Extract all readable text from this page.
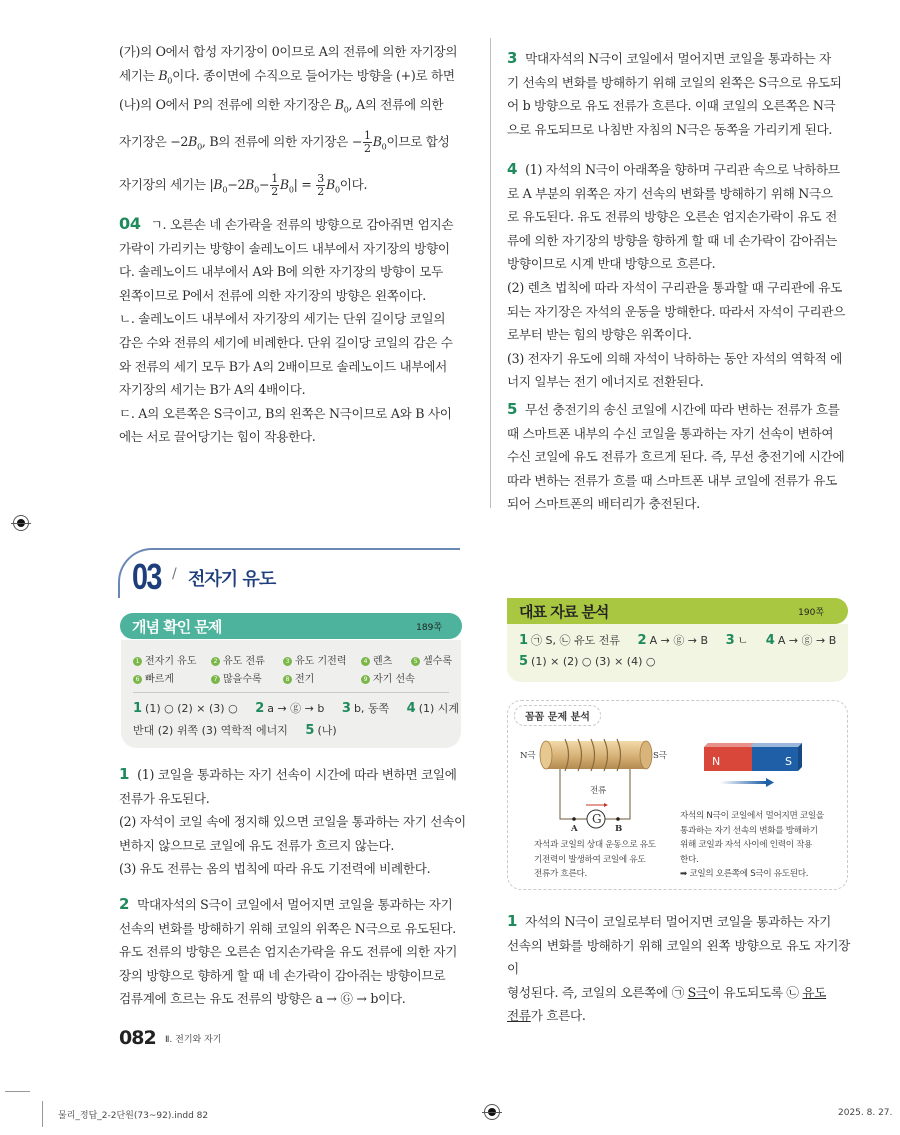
(가)의 O에서 합성 자기장이 0이므로 A의 전류에 의한 자기장의
세기는 $B_0$이다. 종이면에 수직으로 들어가는 방향을 (+)로 하면
(나)의 O에서 P의 전류에 의한 자기장은 $B_0$, A의 전류에 의한
자기장은 $-2B_0$, B의 전류에 의한 자기장은 − $\frac{1}{2} B_0$이므로 합성
자기장의 세기는 $|B_0-2B_0- \frac{1}{2} B_0| = \frac{3}{2} B_0$이다.
04 ㄱ. 오른손 네 손가락을 전류의 방향으로 감아쥐면 엄지손
가락이 가리키는 방향이 솔레노이드 내부에서 자기장의 방향이
다. 솔레노이드 내부에서 A와 B에 의한 자기장의 방향이 모두
왼쪽이므로 P에서 전류에 의한 자기장의 방향은 왼쪽이다.
ㄴ. 솔레노이드 내부에서 자기장의 세기는 단위 길이당 코일의
감은 수와 전류의 세기에 비례한다. 단위 길이당 코일의 감은 수
와 전류의 세기 모두 B가 A의 2배이므로 솔레노이드 내부에서
자기장의 세기는 B가 A의 4배이다.
ㄷ. A의 오른쪽은 S극이고, B의 왼쪽은 N극이므로 A와 B 사이
에는 서로 끌어당기는 힘이 작용한다.
3 막대자석의 N극이 코일에서 멀어지면 코일을 통과하는 자
기 선속의 변화를 방해하기 위해 코일의 왼쪽은 S극으로 유도되
어 b 방향으로 유도 전류가 흐른다. 이때 코일의 오른쪽은 N극
으로 유도되므로 나침반 자침의 N극은 동쪽을 가리키게 된다.
4 (1) 자석의 N극이 아래쪽을 향하며 구리관 속으로 낙하하므
로 A 부분의 위쪽은 자기 선속의 변화를 방해하기 위해 N극으
로 유도된다. 유도 전류의 방향은 오른손 엄지손가락이 유도 전
류에 의한 자기장의 방향을 향하게 할 때 네 손가락이 감아쥐는
방향이므로 시계 반대 방향으로 흐른다.
(2) 렌츠 법칙에 따라 자석이 구리관을 통과할 때 구리관에 유도
되는 자기장은 자석의 운동을 방해한다. 따라서 자석이 구리관으
로부터 받는 힘의 방향은 위쪽이다.
(3) 전자기 유도에 의해 자석이 낙하하는 동안 자석의 역학적 에
너지 일부는 전기 에너지로 전환된다.
5 무선 충전기의 송신 코일에 시간에 따라 변하는 전류가 흐를
때 스마트폰 내부의 수신 코일을 통과하는 자기 선속이 변하여
수신 코일에 유도 전류가 흐르게 된다. 즉, 무선 충전기에 시간에
따라 변하는 전류가 흐를 때 스마트폰 내부 코일에 전류가 유도
되어 스마트폰의 배터리가 충전된다.
03 / 전자기 유도
개념 확인 문제	189쪽
1 전자기 유도	2 유도 전류	3 유도 기전력	4 렌츠	5 셀수록
6 빠르게	7 많을수록	8 전기	9 자기 선속
1 (1) ○ (2) × (3) ○ 2 a → ⓖ → b 3 b, 동쪽 4 (1) 시계
반대 (2) 위쪽 (3) 역학적 에너지 5 (나)
1 (1) 코일을 통과하는 자기 선속이 시간에 따라 변하면 코일에
전류가 유도된다.
(2) 자석이 코일 속에 정지해 있으면 코일을 통과하는 자기 선속이
변하지 않으므로 코일에 유도 전류가 흐르지 않는다.
(3) 유도 전류는 옴의 법칙에 따라 유도 기전력에 비례한다.
2 막대자석의 S극이 코일에서 멀어지면 코일을 통과하는 자기
선속의 변화를 방해하기 위해 코일의 위쪽은 N극으로 유도된다.
유도 전류의 방향은 오른손 엄지손가락을 유도 전류에 의한 자기
장의 방향으로 향하게 할 때 네 손가락이 감아쥐는 방향이므로
검류계에 흐르는 유도 전류의 방향은 a → Ⓖ → b이다.
대표 자료 분석	190쪽
1 ㉠ S, ㉡ 유도 전류 2 A → ⓖ → B 3 ㄴ 4 A → ⓖ → B
5 (1) × (2) ○ (3) × (4) ○
꼼꼼 문제 분석
N극	S극
전류
G
A	B
자석과 코일의 상대 운동으로 유도
기전력이 발생하여 코일에 유도
전류가 흐른다.
N	S
자석의 N극이 코일에서 멀어지면 코일을
통과하는 자기 선속의 변화를 방해하기
위해 코일과 자석 사이에 인력이 작용
한다.
➡ 코일의 오른쪽에 S극이 유도된다.
1 자석의 N극이 코일로부터 멀어지면 코일을 통과하는 자기
선속의 변화를 방해하기 위해 코일의 왼쪽 방향으로 유도 자기장이
형성된다. 즉, 코일의 오른쪽에 ㉠ S극이 유도되도록 ㉡ 유도
전류가 흐른다.
082 Ⅱ. 전기와 자기
물리_정답_2-2단원(73~92).indd 82	2025. 8. 27.
